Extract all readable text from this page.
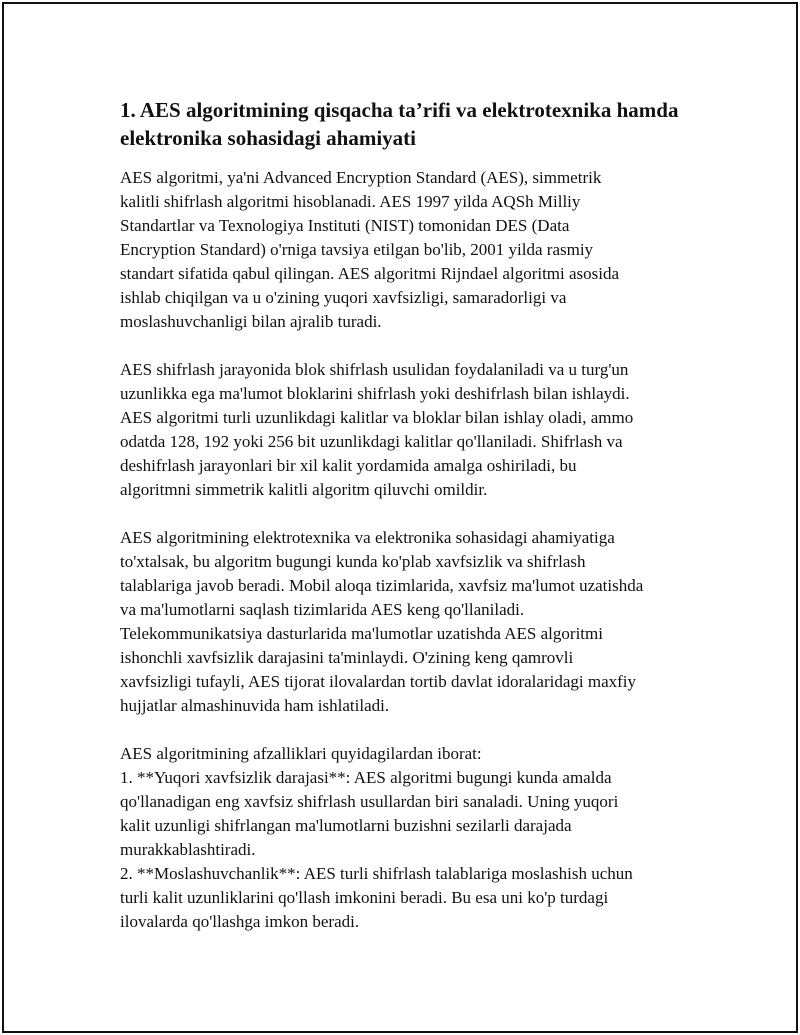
1. AES algoritmining qisqacha ta’rifi va elektrotexnika hamda
elektronika sohasidagi ahamiyati

AES algoritmi, ya'ni Advanced Encryption Standard (AES), simmetrik
kalitli shifrlash algoritmi hisoblanadi. AES 1997 yilda AQSh Milliy
Standartlar va Texnologiya Instituti (NIST) tomonidan DES (Data
Encryption Standard) o'rniga tavsiya etilgan bo'lib, 2001 yilda rasmiy
standart sifatida qabul qilingan. AES algoritmi Rijndael algoritmi asosida
ishlab chiqilgan va u o'zining yuqori xavfsizligi, samaradorligi va
moslashuvchanligi bilan ajralib turadi.

AES shifrlash jarayonida blok shifrlash usulidan foydalaniladi va u turg'un
uzunlikka ega ma'lumot bloklarini shifrlash yoki deshifrlash bilan ishlaydi.
AES algoritmi turli uzunlikdagi kalitlar va bloklar bilan ishlay oladi, ammo
odatda 128, 192 yoki 256 bit uzunlikdagi kalitlar qo'llaniladi. Shifrlash va
deshifrlash jarayonlari bir xil kalit yordamida amalga oshiriladi, bu
algoritmni simmetrik kalitli algoritm qiluvchi omildir.

AES algoritmining elektrotexnika va elektronika sohasidagi ahamiyatiga
to'xtalsak, bu algoritm bugungi kunda ko'plab xavfsizlik va shifrlash
talablariga javob beradi. Mobil aloqa tizimlarida, xavfsiz ma'lumot uzatishda
va ma'lumotlarni saqlash tizimlarida AES keng qo'llaniladi.
Telekommunikatsiya dasturlarida ma'lumotlar uzatishda AES algoritmi
ishonchli xavfsizlik darajasini ta'minlaydi. O'zining keng qamrovli
xavfsizligi tufayli, AES tijorat ilovalardan tortib davlat idoralaridagi maxfiy
hujjatlar almashinuvida ham ishlatiladi.

AES algoritmining afzalliklari quyidagilardan iborat:
1. **Yuqori xavfsizlik darajasi**: AES algoritmi bugungi kunda amalda
qo'llanadigan eng xavfsiz shifrlash usullardan biri sanaladi. Uning yuqori
kalit uzunligi shifrlangan ma'lumotlarni buzishni sezilarli darajada
murakkablashtiradi.
2. **Moslashuvchanlik**: AES turli shifrlash talablariga moslashish uchun
turli kalit uzunliklarini qo'llash imkonini beradi. Bu esa uni ko'p turdagi
ilovalarda qo'llashga imkon beradi.
